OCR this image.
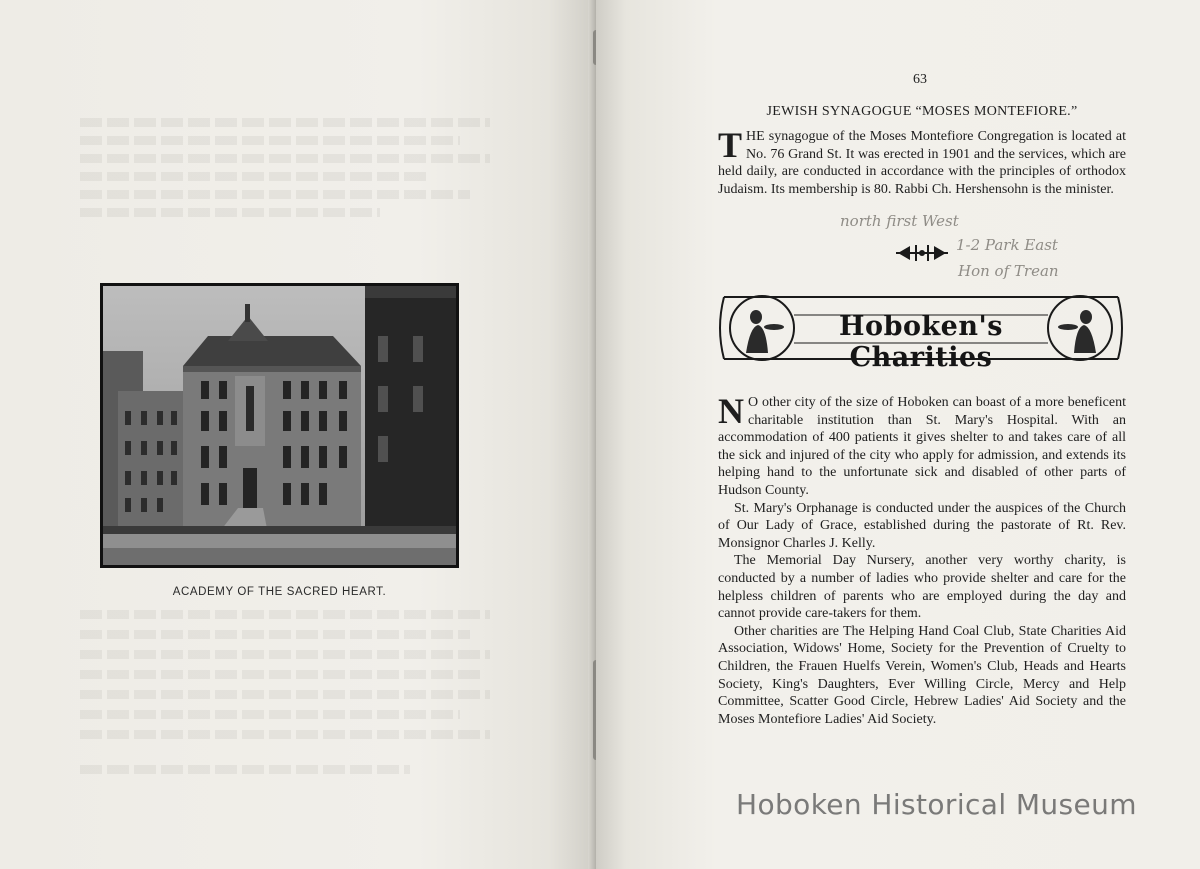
ACADEMY OF THE SACRED HEART.
63
JEWISH SYNAGOGUE “MOSES MONTEFIORE.”

THE synagogue of the Moses Montefiore Congregation is located at No. 76 Grand St. It was erected in 1901 and the services, which are held daily, are conducted in accordance with the principles of orthodox Judaism. Its membership is 80. Rabbi Ch. Hershensohn is the minister.

north first West
1-2 Park East
Hon of Trean
Hoboken's Charities

N O other city of the size of Hoboken can boast of a more beneficent charitable institution than St. Mary's Hospital. With an accommodation of 400 patients it gives shelter to and takes care of all the sick and injured of the city who apply for admission, and extends its helping hand to the unfortunate sick and disabled of other parts of Hudson County.

St. Mary's Orphanage is conducted under the auspices of the Church of Our Lady of Grace, established during the pastorate of Rt. Rev. Monsignor Charles J. Kelly.

The Memorial Day Nursery, another very worthy charity, is conducted by a number of ladies who provide shelter and care for the helpless children of parents who are employed during the day and cannot provide care-takers for them.

Other charities are The Helping Hand Coal Club, State Charities Aid Association, Widows' Home, Society for the Prevention of Cruelty to Children, the Frauen Huelfs Verein, Women's Club, Heads and Hearts Society, King's Daughters, Ever Willing Circle, Mercy and Help Committee, Scatter Good Circle, Hebrew Ladies' Aid Society and the Moses Montefiore Ladies' Aid Society.

Hoboken Historical Museum
